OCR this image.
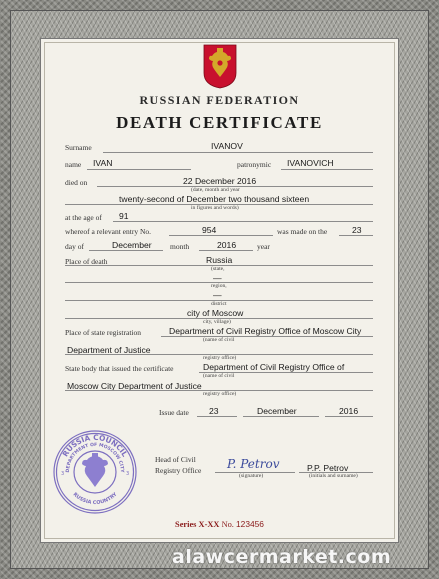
RUSSIAN FEDERATION
DEATH CERTIFICATE
Surname	IVANOV
name IVAN	patronymic IVANOVICH
died on	22 December 2016
(date, month and year
twenty-second of December two thousand sixteen
in figures and words)
at the age of 91
whereof a relevant entry No.	954	was made on the	23
day of	December month	2016	year
Place of death	Russia
(state,
—
region,
—
district
city of Moscow
city, village)
Place of state registration	Department of Civil Registry Office of Moscow City
(name of civil
Department of Justice
registry office)
State body that issued the certificate	Department of Civil Registry Office of
(name of civil
Moscow City Department of Justice
registry office)
Issue date 23	December	2016
RUSSIA COUNCIL
DEPARTMENT OF MOSCOW CITY
RUSSIA COUNTRY
3	3
Head of Civil
Registry Office P. Petrov
(signature)
P.P. Petrov
(initials and surname)
Series X-XX No. 123456
alawcermarket.com
